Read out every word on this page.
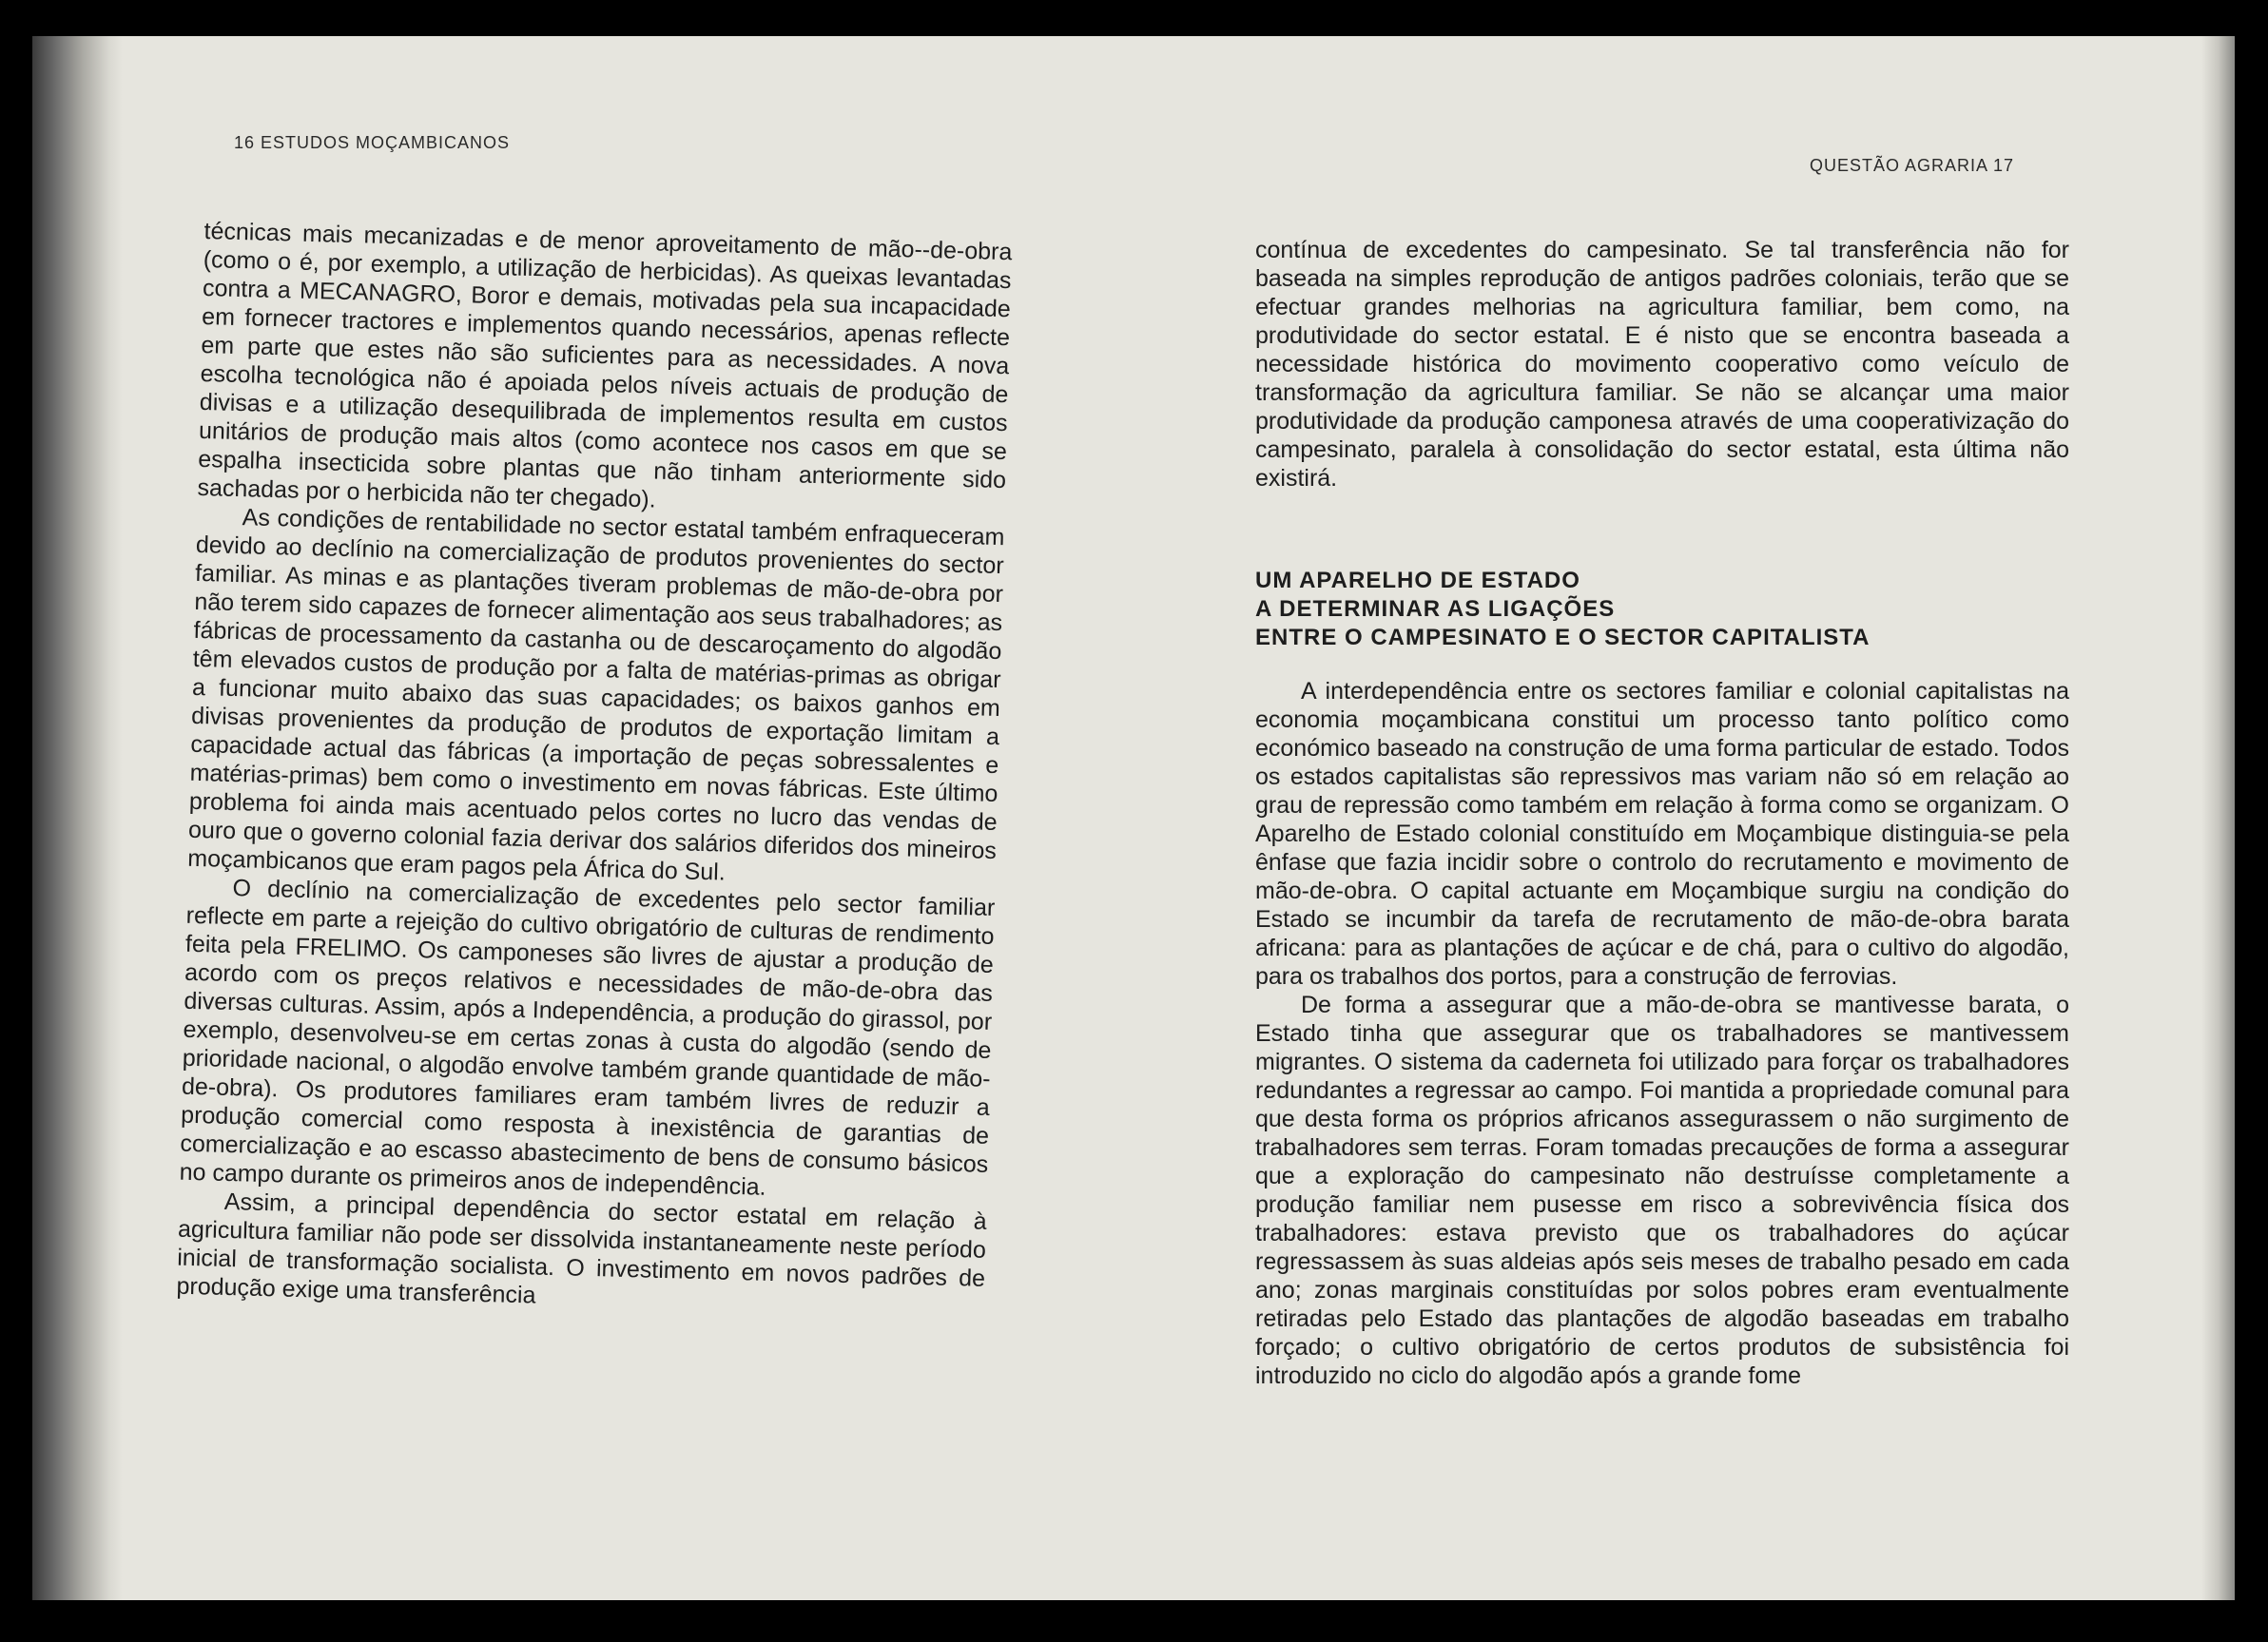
16 ESTUDOS MOÇAMBICANOS
QUESTÃO AGRARIA 17

técnicas mais mecanizadas e de menor aproveitamento de mão--de-obra (como o é, por exemplo, a utilização de herbicidas). As queixas levantadas contra a MECANAGRO, Boror e demais, motivadas pela sua incapacidade em fornecer tractores e implementos quando necessários, apenas reflecte em parte que estes não são suficientes para as necessidades. A nova escolha tecnológica não é apoiada pelos níveis actuais de produção de divisas e a utilização desequilibrada de implementos resulta em custos unitários de produção mais altos (como acontece nos casos em que se espalha insecticida sobre plantas que não tinham anteriormente sido sachadas por o herbicida não ter chegado).

As condições de rentabilidade no sector estatal também enfraqueceram devido ao declínio na comercialização de produtos provenientes do sector familiar. As minas e as plantações tiveram problemas de mão-de-obra por não terem sido capazes de fornecer alimentação aos seus trabalhadores; as fábricas de processamento da castanha ou de descaroçamento do algodão têm elevados custos de produção por a falta de matérias-primas as obrigar a funcionar muito abaixo das suas capacidades; os baixos ganhos em divisas provenientes da produção de produtos de exportação limitam a capacidade actual das fábricas (a importação de peças sobressalentes e matérias-primas) bem como o investimento em novas fábricas. Este último problema foi ainda mais acentuado pelos cortes no lucro das vendas de ouro que o governo colonial fazia derivar dos salários diferidos dos mineiros moçambicanos que eram pagos pela África do Sul.

O declínio na comercialização de excedentes pelo sector familiar reflecte em parte a rejeição do cultivo obrigatório de culturas de rendimento feita pela FRELIMO. Os camponeses são livres de ajustar a produção de acordo com os preços relativos e necessidades de mão-de-obra das diversas culturas. Assim, após a Independência, a produção do girassol, por exemplo, desenvolveu-se em certas zonas à custa do algodão (sendo de prioridade nacional, o algodão envolve também grande quantidade de mão-de-obra). Os produtores familiares eram também livres de reduzir a produção comercial como resposta à inexistência de garantias de comercialização e ao escasso abastecimento de bens de consumo básicos no campo durante os primeiros anos de independência.

Assim, a principal dependência do sector estatal em relação à agricultura familiar não pode ser dissolvida instantaneamente neste período inicial de transformação socialista. O investimento em novos padrões de produção exige uma transferência

contínua de excedentes do campesinato. Se tal transferência não for baseada na simples reprodução de antigos padrões coloniais, terão que se efectuar grandes melhorias na agricultura familiar, bem como, na produtividade do sector estatal. E é nisto que se encontra baseada a necessidade histórica do movimento cooperativo como veículo de transformação da agricultura familiar. Se não se alcançar uma maior produtividade da produção camponesa através de uma cooperativização do campesinato, paralela à consolidação do sector estatal, esta última não existirá.

UM APARELHO DE ESTADO
A DETERMINAR AS LIGAÇÕES
ENTRE O CAMPESINATO E O SECTOR CAPITALISTA

A interdependência entre os sectores familiar e colonial capitalistas na economia moçambicana constitui um processo tanto político como económico baseado na construção de uma forma particular de estado. Todos os estados capitalistas são repressivos mas variam não só em relação ao grau de repressão como também em relação à forma como se organizam. O Aparelho de Estado colonial constituído em Moçambique distinguia-se pela ênfase que fazia incidir sobre o controlo do recrutamento e movimento de mão-de-obra. O capital actuante em Moçambique surgiu na condição do Estado se incumbir da tarefa de recrutamento de mão-de-obra barata africana: para as plantações de açúcar e de chá, para o cultivo do algodão, para os trabalhos dos portos, para a construção de ferrovias.

De forma a assegurar que a mão-de-obra se mantivesse barata, o Estado tinha que assegurar que os trabalhadores se mantivessem migrantes. O sistema da caderneta foi utilizado para forçar os trabalhadores redundantes a regressar ao campo. Foi mantida a propriedade comunal para que desta forma os próprios africanos assegurassem o não surgimento de trabalhadores sem terras. Foram tomadas precauções de forma a assegurar que a exploração do campesinato não destruísse completamente a produção familiar nem pusesse em risco a sobrevivência física dos trabalhadores: estava previsto que os trabalhadores do açúcar regressassem às suas aldeias após seis meses de trabalho pesado em cada ano; zonas marginais constituídas por solos pobres eram eventualmente retiradas pelo Estado das plantações de algodão baseadas em trabalho forçado; o cultivo obrigatório de certos produtos de subsistência foi introduzido no ciclo do algodão após a grande fome
